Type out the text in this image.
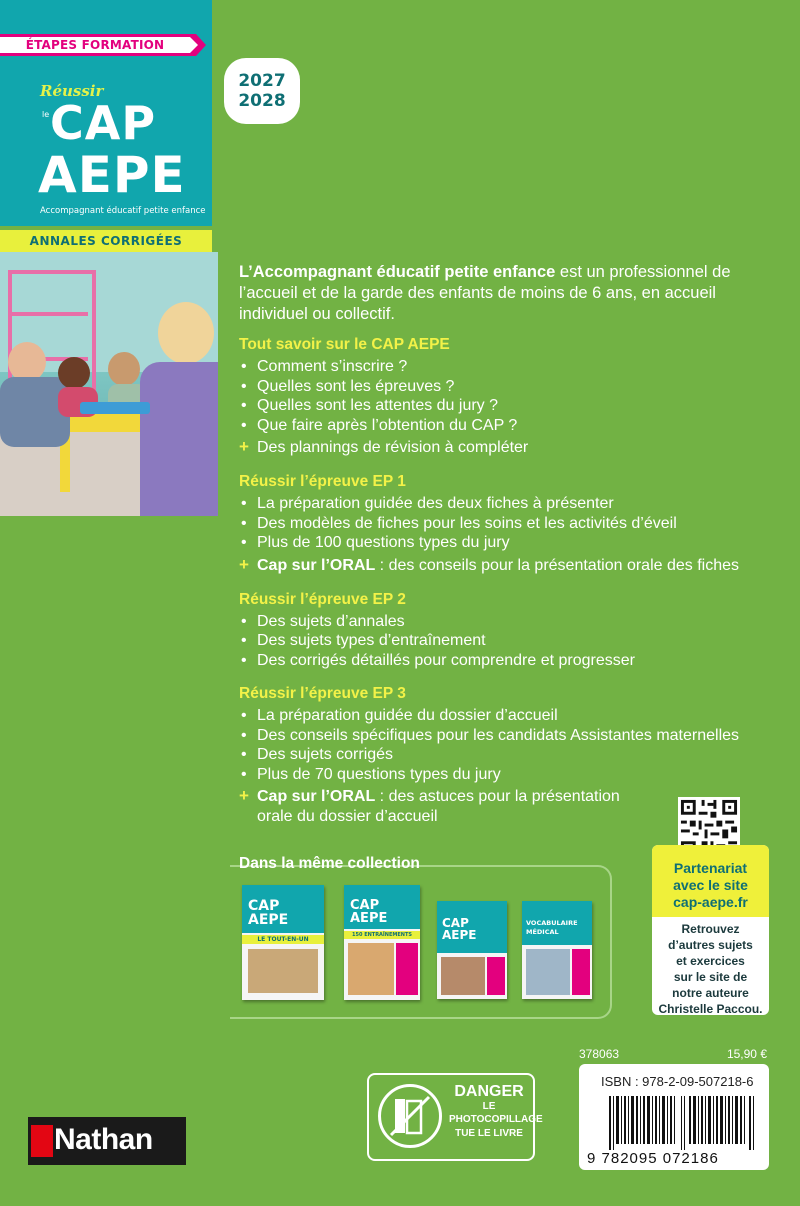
ÉTAPES FORMATION
Réussir
le CAP
AEPE
Accompagnant éducatif petite enfance
2027
2028
ANNALES CORRIGÉES

L’Accompagnant éducatif petite enfance est un professionnel de l’accueil et de la garde des enfants de moins de 6 ans, en accueil individuel ou collectif.

Tout savoir sur le CAP AEPE
• Comment s’inscrire ?
• Quelles sont les épreuves ?
• Quelles sont les attentes du jury ?
• Que faire après l’obtention du CAP ?
+ Des plannings de révision à compléter
Réussir l’épreuve EP 1
• La préparation guidée des deux fiches à présenter
• Des modèles de fiches pour les soins et les activités d’éveil
• Plus de 100 questions types du jury
+ Cap sur l’ORAL : des conseils pour la présentation orale des fiches
Réussir l’épreuve EP 2
• Des sujets d’annales
• Des sujets types d’entraînement
• Des corrigés détaillés pour comprendre et progresser
Réussir l’épreuve EP 3
• La préparation guidée du dossier d’accueil
• Des conseils spécifiques pour les candidats Assistantes maternelles
• Des sujets corrigés
• Plus de 70 questions types du jury
+ Cap sur l’ORAL : des astuces pour la présentation orale du dossier d’accueil
Dans la même collection
CAP
AEPE
LE TOUT-EN-UN
CAP
AEPE
150 ENTRAÎNEMENTS
CAP
AEPE
VOCABULAIRE
MÉDICAL
Partenariat
avec le site
cap-aepe.fr
Retrouvez
d’autres sujets
et exercices
sur le site de
notre auteure
Christelle Paccou.
DANGER
LE
PHOTOCOPILLAGE
TUE LE LIVRE
378063	15,90 €
ISBN : 978-2-09-507218-6
9 782095 072186
Nathan
